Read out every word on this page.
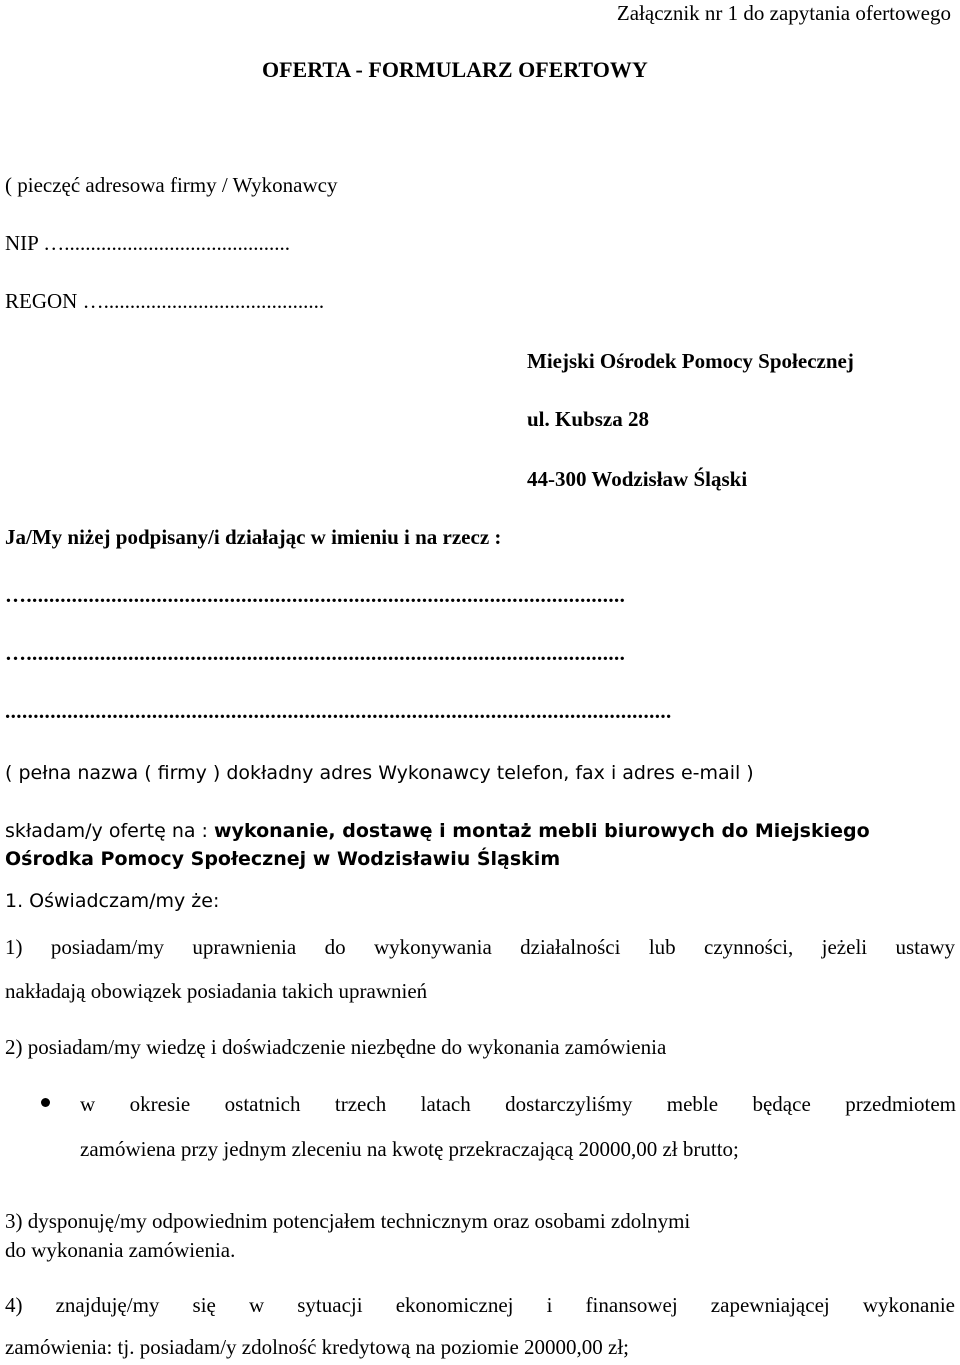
Załącznik nr 1 do zapytania ofertowego
OFERTA - FORMULARZ OFERTOWY
( pieczęć adresowa firmy / Wykonawcy
NIP …...........................................
REGON …..........................................
Miejski Ośrodek Pomocy Społecznej
ul. Kubsza 28
44-300 Wodzisław Śląski
Ja/My niżej podpisany/i działając w imieniu i na rzecz :
…..........................................................................................................
…..........................................................................................................
......................................................................................................................
( pełna nazwa ( firmy ) dokładny adres Wykonawcy telefon, fax i adres e-mail )
składam/y ofertę na : wykonanie, dostawę i montaż mebli biurowych do Miejskiego Ośrodka Pomocy Społecznej w Wodzisławiu Śląskim
1. Oświadczam/my że:
1) posiadam/my uprawnienia do wykonywania działalności lub czynności, jeżeli ustawy
nakładają obowiązek posiadania takich uprawnień
2) posiadam/my wiedzę i doświadczenie niezbędne do wykonania zamówienia
w okresie ostatnich trzech latach dostarczyliśmy meble będące przedmiotem
zamówiena przy jednym zleceniu na kwotę przekraczającą 20000,00 zł brutto;
3) dysponuję/my odpowiednim potencjałem technicznym oraz osobami zdolnymi
do wykonania zamówienia.
4) znajduję/my się w sytuacji ekonomicznej i finansowej zapewniającej wykonanie
zamówienia: tj. posiadam/y zdolność kredytową na poziomie 20000,00 zł;
